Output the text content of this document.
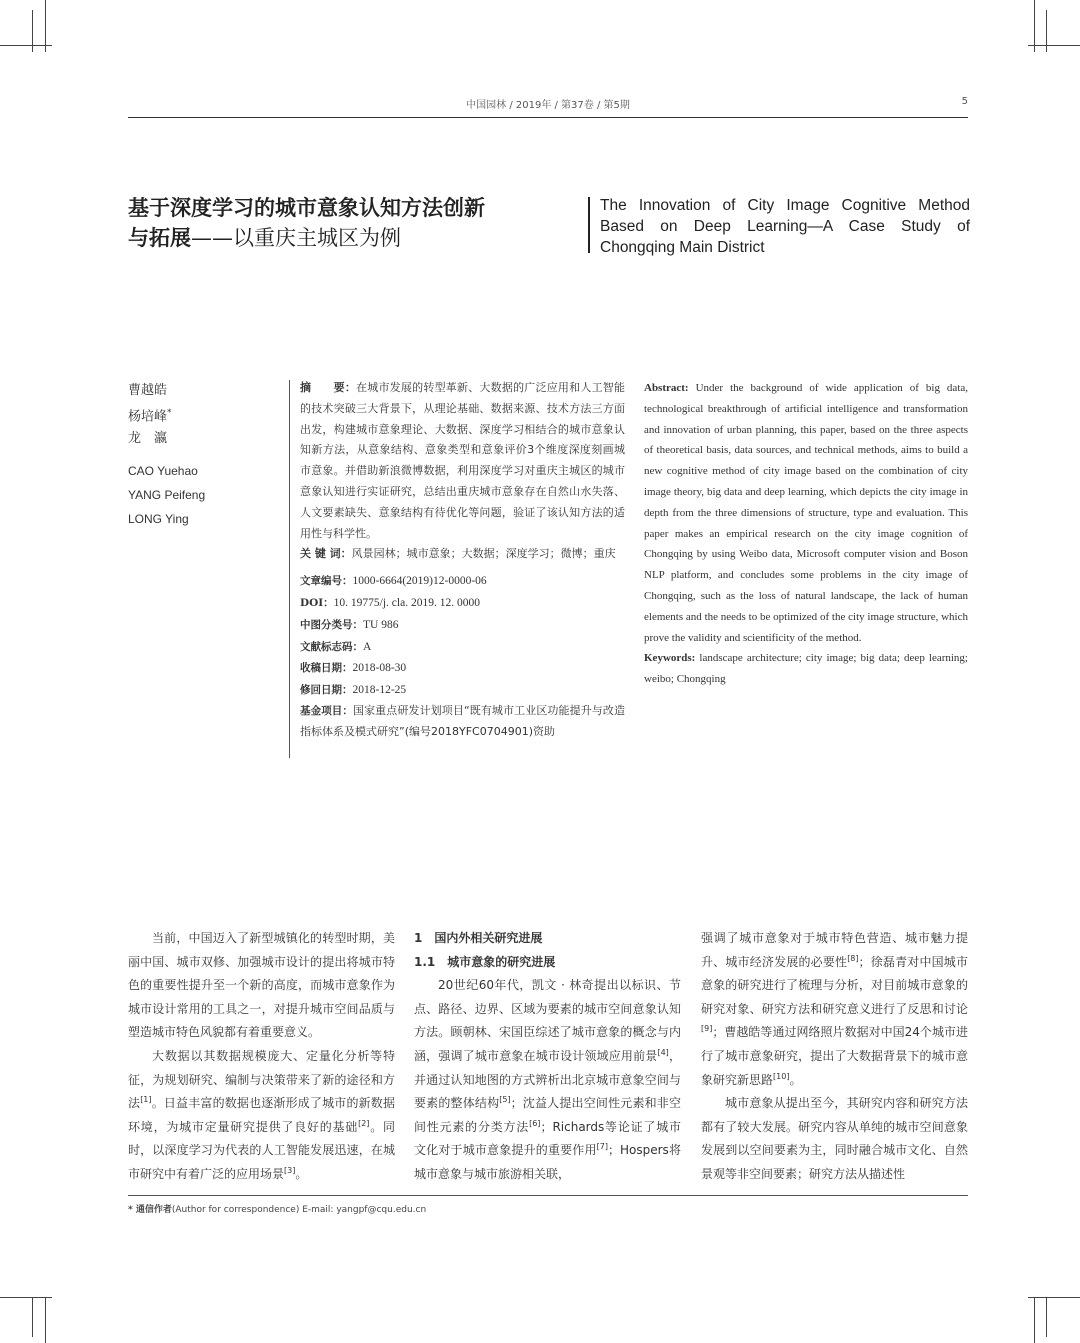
中国园林 / 2019年 / 第37卷 / 第5期	5
基于深度学习的城市意象认知方法创新
与拓展——以重庆主城区为例
The Innovation of City Image Cognitive Method Based on Deep Learning—A Case Study of Chongqing Main District
曹越皓
杨培峰*
龙　瀛
CAO Yuehao
YANG Peifeng
LONG Ying
摘　　要：在城市发展的转型革新、大数据的广泛应用和人工智能的技术突破三大背景下，从理论基础、数据来源、技术方法三方面出发，构建城市意象理论、大数据、深度学习相结合的城市意象认知新方法，从意象结构、意象类型和意象评价3个维度深度刻画城市意象。并借助新浪微博数据，利用深度学习对重庆主城区的城市意象认知进行实证研究，总结出重庆城市意象存在自然山水失落、人文要素缺失、意象结构有待优化等问题，验证了该认知方法的适用性与科学性。
关 键 词：风景园林；城市意象；大数据；深度学习；微博；重庆
文章编号：1000-6664(2019)12-0000-06
DOI：10. 19775/j. cla. 2019. 12. 0000
中图分类号：TU 986
文献标志码：A
收稿日期：2018-08-30
修回日期：2018-12-25
基金项目：国家重点研发计划项目“既有城市工业区功能提升与改造指标体系及模式研究”(编号2018YFC0704901)资助
Abstract: Under the background of wide application of big data, technological breakthrough of artificial intelligence and transformation and innovation of urban planning, this paper, based on the three aspects of theoretical basis, data sources, and technical methods, aims to build a new cognitive method of city image based on the combination of city image theory, big data and deep learning, which depicts the city image in depth from the three dimensions of structure, type and evaluation. This paper makes an empirical research on the city image cognition of Chongqing by using Weibo data, Microsoft computer vision and Boson NLP platform, and concludes some problems in the city image of Chongqing, such as the loss of natural landscape, the lack of human elements and the needs to be optimized of the city image structure, which prove the validity and scientificity of the method.
Keywords: landscape architecture; city image; big data; deep learning; weibo; Chongqing

当前，中国迈入了新型城镇化的转型时期，美丽中国、城市双修、加强城市设计的提出将城市特色的重要性提升至一个新的高度，而城市意象作为城市设计常用的工具之一，对提升城市空间品质与塑造城市特色风貌都有着重要意义。

大数据以其数据规模庞大、定量化分析等特征，为规划研究、编制与决策带来了新的途径和方法[1]。日益丰富的数据也逐渐形成了城市的新数据环境，为城市定量研究提供了良好的基础[2]。同时，以深度学习为代表的人工智能发展迅速，在城市研究中有着广泛的应用场景[3]。

1　国内外相关研究进展

1.1　城市意象的研究进展

20世纪60年代，凯文 · 林奇提出以标识、节点、路径、边界、区域为要素的城市空间意象认知方法。顾朝林、宋国臣综述了城市意象的概念与内涵，强调了城市意象在城市设计领域应用前景[4]，并通过认知地图的方式辨析出北京城市意象空间与要素的整体结构[5]；沈益人提出空间性元素和非空间性元素的分类方法[6]；Richards等论证了城市文化对于城市意象提升的重要作用[7]；Hospers将城市意象与城市旅游相关联，

强调了城市意象对于城市特色营造、城市魅力提升、城市经济发展的必要性[8]；徐磊青对中国城市意象的研究进行了梳理与分析，对目前城市意象的研究对象、研究方法和研究意义进行了反思和讨论[9]；曹越皓等通过网络照片数据对中国24个城市进行了城市意象研究，提出了大数据背景下的城市意象研究新思路[10]。

城市意象从提出至今，其研究内容和研究方法都有了较大发展。研究内容从单纯的城市空间意象发展到以空间要素为主，同时融合城市文化、自然景观等非空间要素；研究方法从描述性

* 通信作者(Author for correspondence) E-mail: yangpf@cqu.edu.cn
